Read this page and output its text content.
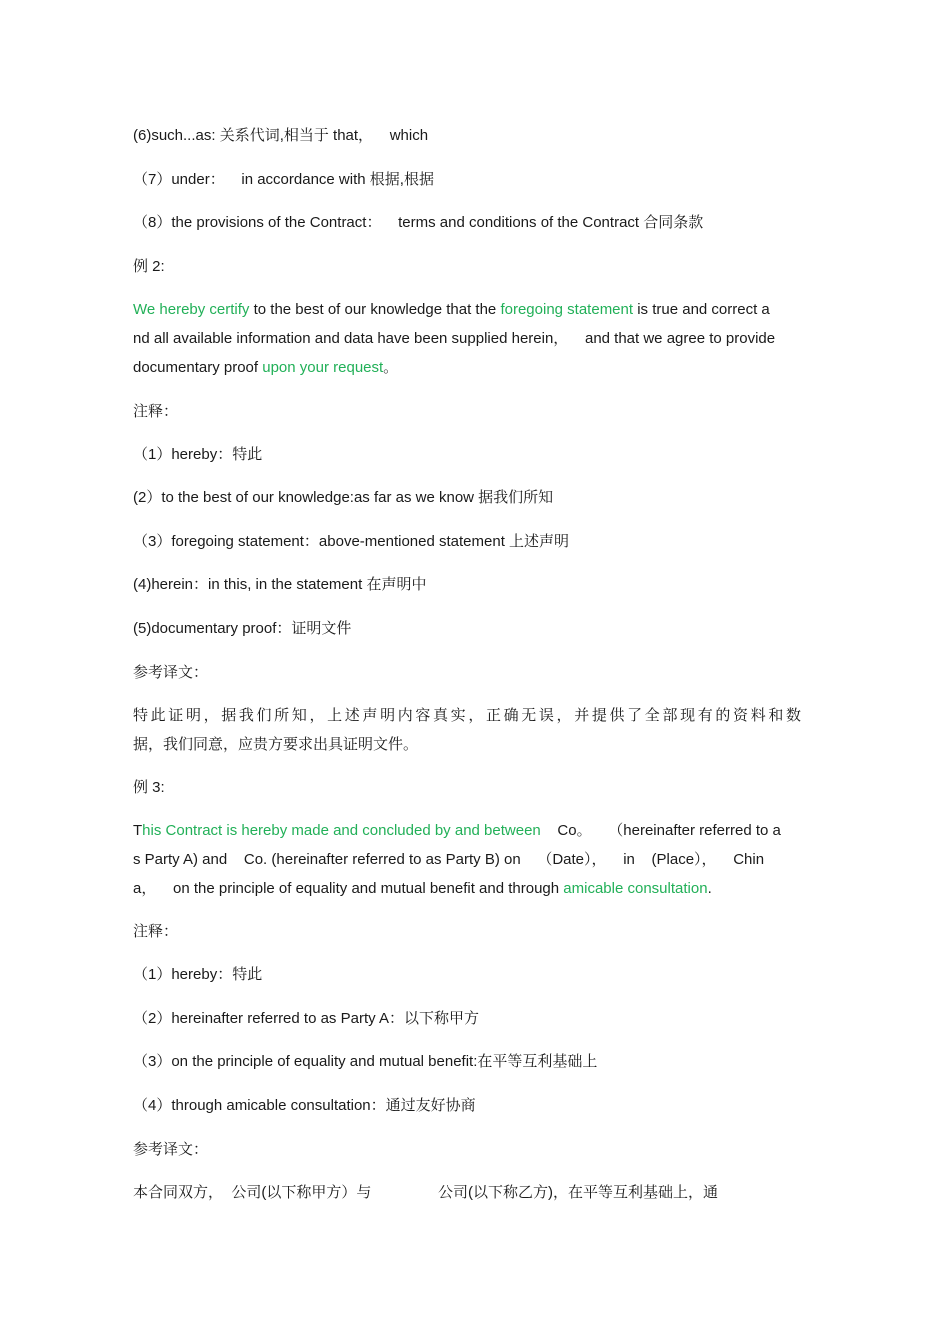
(6)such...as: 关系代词,相当于 that，    which

（7）under：    in accordance with 根据,根据

（8）the provisions of the Contract：    terms and conditions of the Contract 合同条款

例 2:

We hereby certify to the best of our knowledge that the foregoing statement is true and correct a

nd all available information and data have been supplied herein，    and that we agree to provide

documentary proof upon your request。

注释：

（1）hereby：特此

(2）to the best of our knowledge:as far as we know 据我们所知

（3）foregoing statement：above-mentioned statement 上述声明

(4)herein：in this, in the statement 在声明中

(5)documentary proof：证明文件

参考译文：

特此证明，据我们所知，上述声明内容真实，正确无误，并提供了全部现有的资料和数

据，我们同意，应贵方要求出具证明文件。

例 3:

This Contract is hereby made and concluded by and between    Co。    （hereinafter referred to a

s Party A) and    Co. (hereinafter referred to as Party B) on    （Date），    in    (Place），    Chin

a，    on the principle of equality and mutual benefit and through amicable consultation.

注释：

（1）hereby：特此

（2）hereinafter referred to as Party A：以下称甲方

（3）on the principle of equality and mutual benefit:在平等互利基础上

（4）through amicable consultation：通过友好协商

参考译文：

本合同双方，  公司(以下称甲方）与                公司(以下称乙方)，在平等互利基础上，通
